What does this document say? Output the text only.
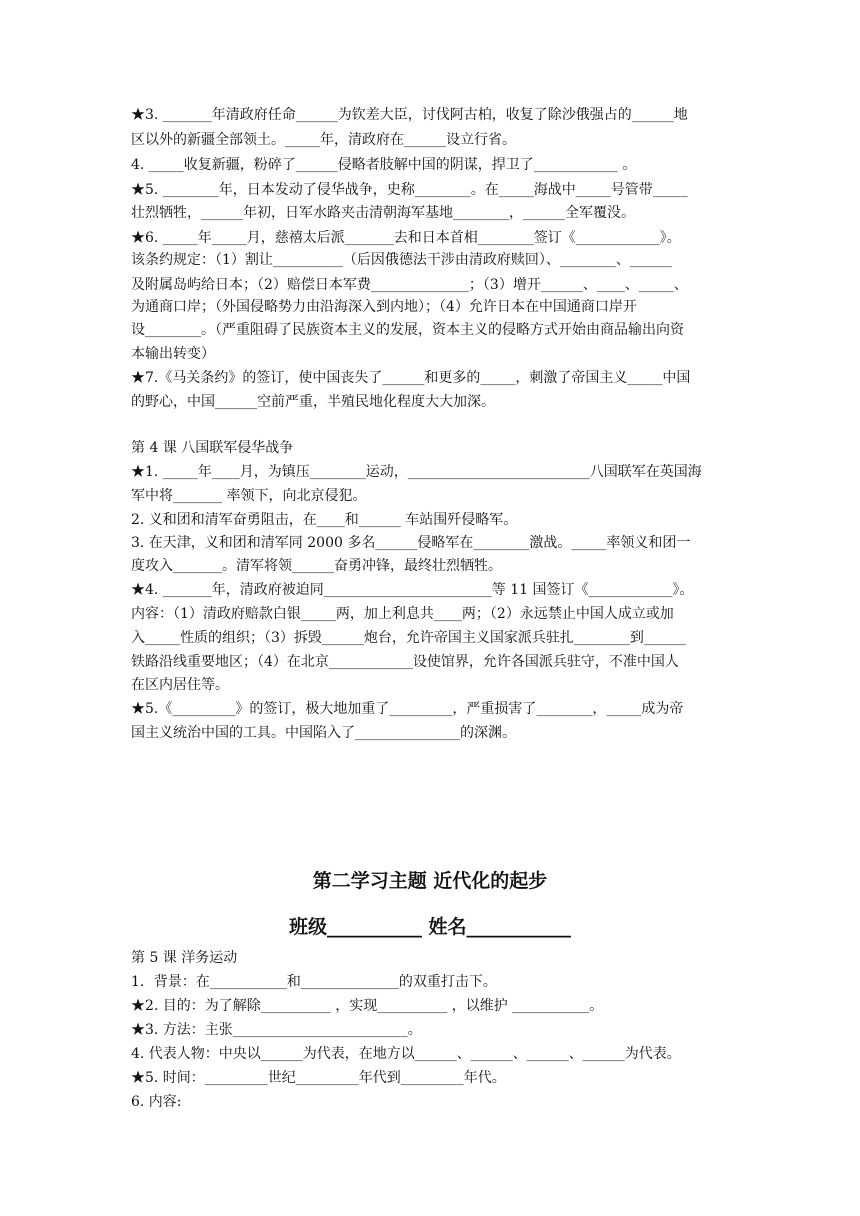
★3. _______年清政府任命______为钦差大臣，讨伐阿古柏，收复了除沙俄强占的______地
区以外的新疆全部领土。_____年，清政府在______设立行省。
4. _____收复新疆，粉碎了______侵略者肢解中国的阴谋，捍卫了____________ 。
★5. ________年，日本发动了侵华战争，史称________。在_____海战中_____号管带_____
壮烈牺牲，______年初，日军水路夹击清朝海军基地________，______全军覆没。
★6. _____年_____月，慈禧太后派_______去和日本首相________签订《____________》。
该条约规定：（1）割让__________（后因俄德法干涉由清政府赎回）、________、______
及附属岛屿给日本；（2）赔偿日本军费______________；（3）增开______、____、_____、
为通商口岸；（外国侵略势力由沿海深入到内地）；（4）允许日本在中国通商口岸开
设________。（严重阻碍了民族资本主义的发展，资本主义的侵略方式开始由商品输出向资
本输出转变）
★7.《马关条约》的签订，使中国丧失了______和更多的_____，刺激了帝国主义_____中国
的野心，中国______空前严重，半殖民地化程度大大加深。
第 4 课 八国联军侵华战争
★1. _____年____月，为镇压________运动，__________________________八国联军在英国海
军中将_______ 率领下，向北京侵犯。
2. 义和团和清军奋勇阻击，在____和______ 车站围歼侵略军。
3. 在天津，义和团和清军同 2000 多名______侵略军在________激战。_____率领义和团一
度攻入_______。清军将领______奋勇冲锋，最终壮烈牺牲。
★4. _______年，清政府被迫同________________________等 11 国签订《____________》。
内容：（1）清政府赔款白银_____两，加上利息共____两；（2）永远禁止中国人成立或加
入_____性质的组织；（3）拆毁______炮台，允许帝国主义国家派兵驻扎________到______
铁路沿线重要地区；（4）在北京____________设使馆界，允许各国派兵驻守，不准中国人
在区内居住等。
★5.《_________》的签订，极大地加重了_________，严重损害了________，_____成为帝
国主义统治中国的工具。中国陷入了_______________的深渊。
第二学习主题 近代化的起步
班级__________ 姓名___________
第 5 课 洋务运动
1．背景：在___________和______________的双重打击下。
★2. 目的：为了解除__________ ，实现__________ ，以维护 ___________。
★3. 方法：主张_________________________。
4. 代表人物：中央以______为代表，在地方以______、______、______、______为代表。
★5. 时间：_________世纪_________年代到_________年代。
6. 内容:
